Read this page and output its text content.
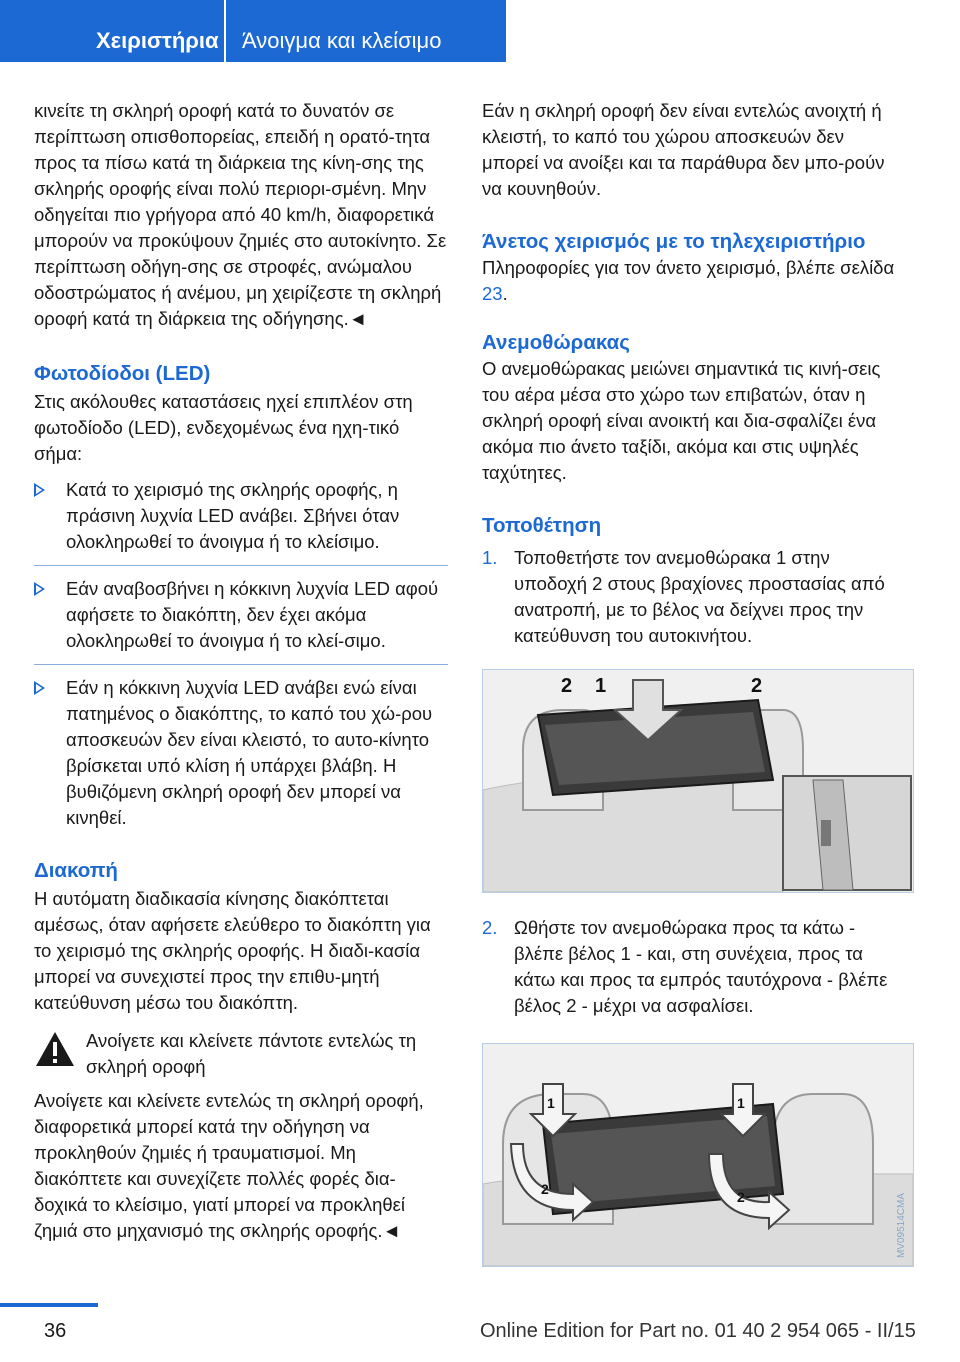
Χειριστήρια	Άνοιγμα και κλείσιμο

κινείτε τη σκληρή οροφή κατά το δυνατόν σε περίπτωση οπισθοπορείας, επειδή η ορατό‐τητα προς τα πίσω κατά τη διάρκεια της κίνη‐σης της σκληρής οροφής είναι πολύ περιορι‐σμένη. Μην οδηγείται πιο γρήγορα από 40 km/h, διαφορετικά μπορούν να προκύψουν ζημιές στο αυτοκίνητο. Σε περίπτωση οδήγη‐σης σε στροφές, ανώμαλου οδοστρώματος ή ανέμου, μη χειρίζεστε τη σκληρή οροφή κατά τη διάρκεια της οδήγησης.◄

Φωτοδίοδοι (LED)

Στις ακόλουθες καταστάσεις ηχεί επιπλέον στη φωτοδίοδο (LED), ενδεχομένως ένα ηχη‐τικό σήμα:

Κατά το χειρισμό της σκληρής οροφής, η πράσινη λυχνία LED ανάβει. Σβήνει όταν ολοκληρωθεί το άνοιγμα ή το κλείσιμο.
Εάν αναβοσβήνει η κόκκινη λυχνία LED αφού αφήσετε το διακόπτη, δεν έχει ακόμα ολοκληρωθεί το άνοιγμα ή το κλεί‐σιμο.
Εάν η κόκκινη λυχνία LED ανάβει ενώ είναι πατημένος ο διακόπτης, το καπό του χώ‐ρου αποσκευών δεν είναι κλειστό, το αυτο‐κίνητο βρίσκεται υπό κλίση ή υπάρχει βλάβη. Η βυθιζόμενη σκληρή οροφή δεν μπορεί να κινηθεί.
Διακοπή

Η αυτόματη διαδικασία κίνησης διακόπτεται αμέσως, όταν αφήσετε ελεύθερο το διακόπτη για το χειρισμό της σκληρής οροφής. Η διαδι‐κασία μπορεί να συνεχιστεί προς την επιθυ‐μητή κατεύθυνση μέσω του διακόπτη.

Ανοίγετε και κλείνετε πάντοτε εντελώς τη σκληρή οροφή

Ανοίγετε και κλείνετε εντελώς τη σκληρή οροφή, διαφορετικά μπορεί κατά την οδήγηση να προκληθούν ζημιές ή τραυματισμοί. Μη διακόπτετε και συνεχίζετε πολλές φορές δια‐δοχικά το κλείσιμο, γιατί μπορεί να προκληθεί ζημιά στο μηχανισμό της σκληρής οροφής.◄

Εάν η σκληρή οροφή δεν είναι εντελώς ανοιχτή ή κλειστή, το καπό του χώρου αποσκευών δεν μπορεί να ανοίξει και τα παράθυρα δεν μπο‐ρούν να κουνηθούν.

Άνετος χειρισμός με το τηλεχειριστήριο

Πληροφορίες για τον άνετο χειρισμό, βλέπε σελίδα 23.

Ανεμοθώρακας

Ο ανεμοθώρακας μειώνει σημαντικά τις κινή‐σεις του αέρα μέσα στο χώρο των επιβατών, όταν η σκληρή οροφή είναι ανοικτή και δια‐σφαλίζει ένα ακόμα πιο άνετο ταξίδι, ακόμα και στις υψηλές ταχύτητες.

Τοποθέτηση
1. Τοποθετήστε τον ανεμοθώρακα 1 στην υποδοχή 2 στους βραχίονες προστασίας από ανατροπή, με το βέλος να δείχνει προς την κατεύθυνση του αυτοκινήτου.
2 1	2
2. Ωθήστε τον ανεμοθώρακα προς τα κάτω - βλέπε βέλος 1 - και, στη συνέχεια, προς τα κάτω και προς τα εμπρός ταυτόχρονα - βλέπε βέλος 2 - μέχρι να ασφαλίσει.
1	1
2	2	MV09514CMA
36	Online Edition for Part no. 01 40 2 954 065 - II/15
